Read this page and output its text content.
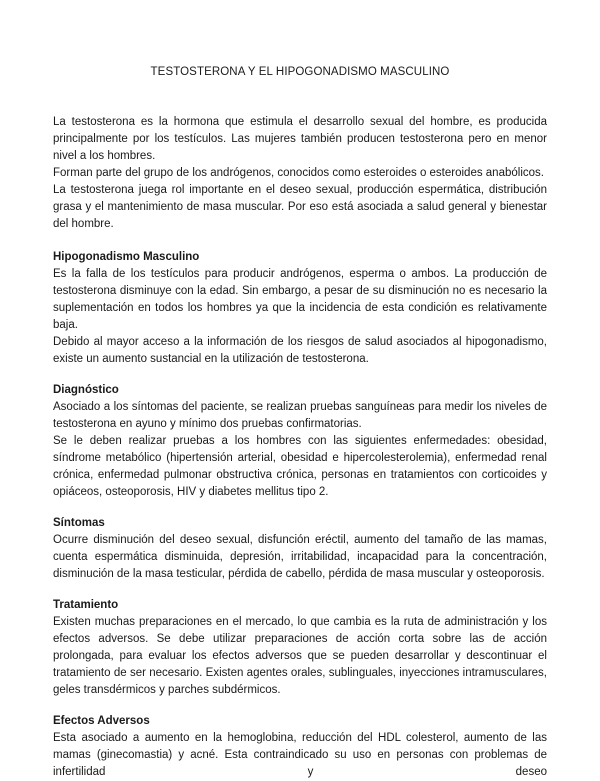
TESTOSTERONA Y EL HIPOGONADISMO MASCULINO

La testosterona es la hormona que estimula el desarrollo sexual del hombre, es producida principalmente por los testículos. Las mujeres también producen testosterona pero en menor nivel a los hombres.

Forman parte del grupo de los andrógenos, conocidos como esteroides o esteroides anabólicos.

La testosterona juega rol importante en el deseo sexual, producción espermática, distribución grasa y el mantenimiento de masa muscular. Por eso está asociada a salud general y bienestar del hombre.

Hipogonadismo Masculino

Es la falla de los testículos para producir andrógenos, esperma o ambos. La producción de testosterona disminuye con la edad. Sin embargo, a pesar de su disminución no es necesario la suplementación en todos los hombres ya que la incidencia de esta condición es relativamente baja.

Debido al mayor acceso a la información de los riesgos de salud asociados al hipogonadismo, existe un aumento sustancial en la utilización de testosterona.

Diagnóstico

Asociado a los síntomas del paciente, se realizan pruebas sanguíneas para medir los niveles de testosterona en ayuno y mínimo dos pruebas confirmatorias.

Se le deben realizar pruebas a los hombres con las siguientes enfermedades: obesidad, síndrome metabólico (hipertensión arterial, obesidad e hipercolesterolemia), enfermedad renal crónica, enfermedad pulmonar obstructiva crónica, personas en tratamientos con corticoides y opiáceos, osteoporosis, HIV y diabetes mellitus tipo 2.

Síntomas

Ocurre disminución del deseo sexual, disfunción eréctil, aumento del tamaño de las mamas, cuenta espermática disminuida, depresión, irritabilidad, incapacidad para la concentración, disminución de la masa testicular, pérdida de cabello, pérdida de masa muscular y osteoporosis.

Tratamiento

Existen muchas preparaciones en el mercado, lo que cambia es la ruta de administración y los efectos adversos. Se debe utilizar preparaciones de acción corta sobre las de acción prolongada, para evaluar los efectos adversos que se pueden desarrollar y descontinuar el tratamiento de ser necesario. Existen agentes orales, sublinguales, inyecciones intramusculares, geles transdérmicos y parches subdérmicos.

Efectos Adversos

Esta asociado a aumento en la hemoglobina, reducción del HDL colesterol, aumento de las mamas (ginecomastia) y acné. Esta contraindicado su uso en personas con problemas de infertilidad y deseo
